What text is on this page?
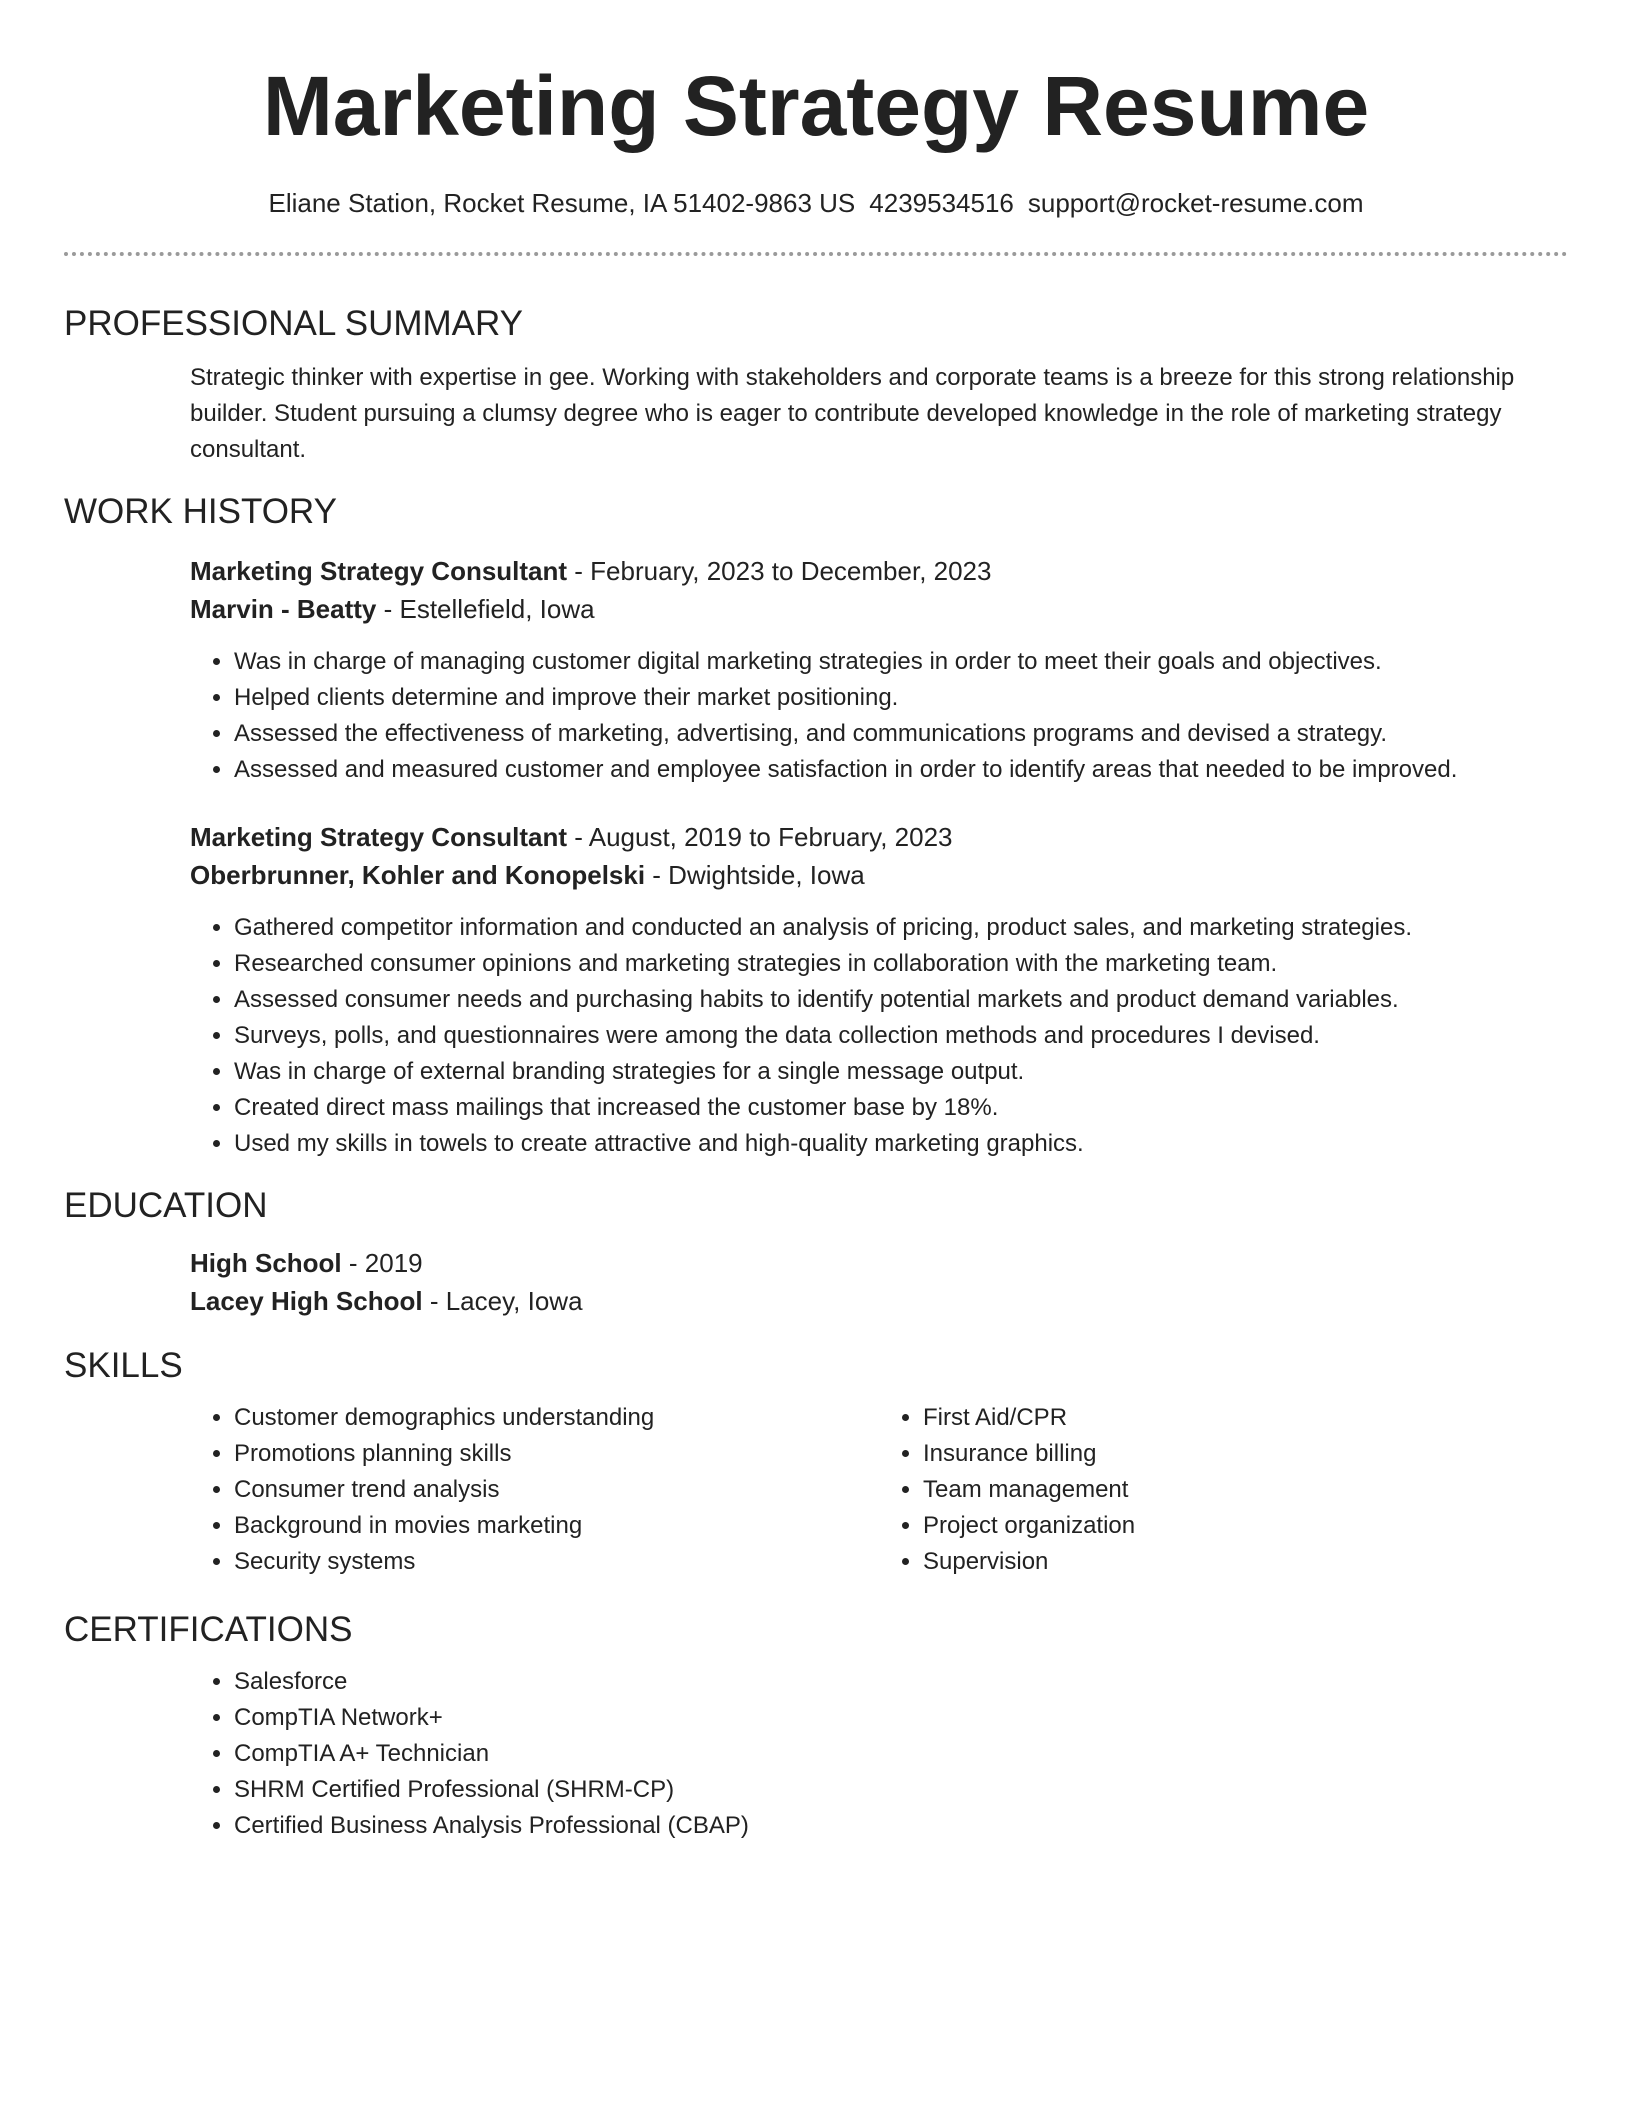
Marketing Strategy Resume
Eliane Station, Rocket Resume, IA 51402-9863 US 4239534516 support@rocket-resume.com
PROFESSIONAL SUMMARY

Strategic thinker with expertise in gee. Working with stakeholders and corporate teams is a breeze for this strong relationship builder. Student pursuing a clumsy degree who is eager to contribute developed knowledge in the role of marketing strategy consultant.

WORK HISTORY
Marketing Strategy Consultant - February, 2023 to December, 2023
Marvin - Beatty - Estellefield, Iowa
• Was in charge of managing customer digital marketing strategies in order to meet their goals and objectives.
• Helped clients determine and improve their market positioning.
• Assessed the effectiveness of marketing, advertising, and communications programs and devised a strategy.
• Assessed and measured customer and employee satisfaction in order to identify areas that needed to be improved.
Marketing Strategy Consultant - August, 2019 to February, 2023
Oberbrunner, Kohler and Konopelski - Dwightside, Iowa
• Gathered competitor information and conducted an analysis of pricing, product sales, and marketing strategies.
• Researched consumer opinions and marketing strategies in collaboration with the marketing team.
• Assessed consumer needs and purchasing habits to identify potential markets and product demand variables.
• Surveys, polls, and questionnaires were among the data collection methods and procedures I devised.
• Was in charge of external branding strategies for a single message output.
• Created direct mass mailings that increased the customer base by 18%.
• Used my skills in towels to create attractive and high-quality marketing graphics.
EDUCATION
High School - 2019
Lacey High School - Lacey, Iowa
SKILLS
• Customer demographics understanding
• Promotions planning skills
• Consumer trend analysis
• Background in movies marketing
• Security systems
• First Aid/CPR
• Insurance billing
• Team management
• Project organization
• Supervision
CERTIFICATIONS
• Salesforce
• CompTIA Network+
• CompTIA A+ Technician
• SHRM Certified Professional (SHRM-CP)
• Certified Business Analysis Professional (CBAP)
